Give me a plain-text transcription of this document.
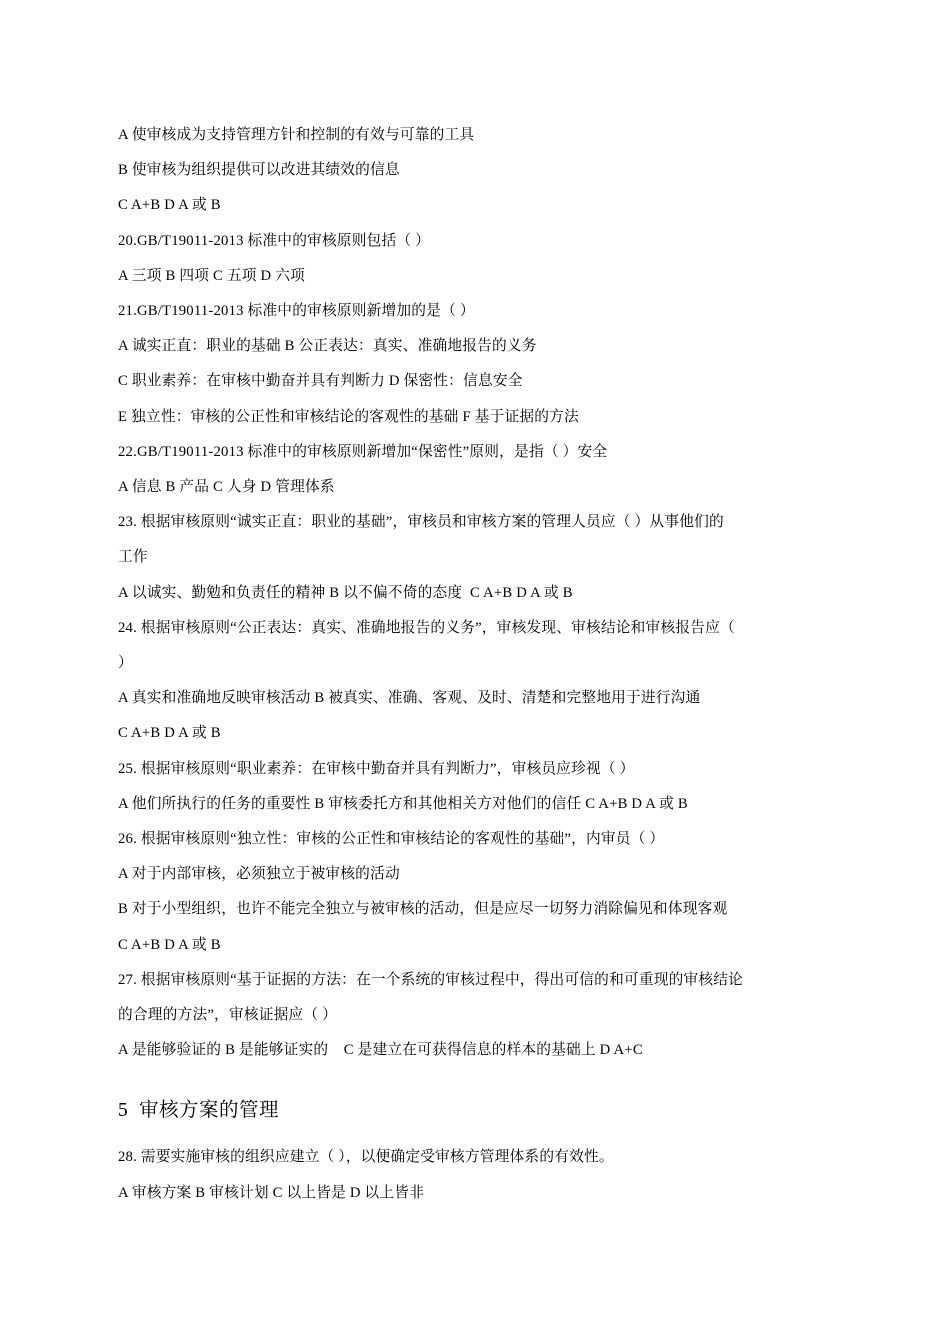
A 使审核成为支持管理方针和控制的有效与可靠的工具
B 使审核为组织提供可以改进其绩效的信息
C A+B D A 或 B
20.GB/T19011-2013 标准中的审核原则包括（ ）
A 三项 B 四项 C 五项 D 六项
21.GB/T19011-2013 标准中的审核原则新增加的是（ ）
A 诚实正直：职业的基础 B 公正表达：真实、准确地报告的义务
C 职业素养：在审核中勤奋并具有判断力 D 保密性：信息安全
E 独立性：审核的公正性和审核结论的客观性的基础 F 基于证据的方法
22.GB/T19011-2013 标准中的审核原则新增加“保密性”原则，是指（ ）安全
A 信息 B 产品 C 人身 D 管理体系
23. 根据审核原则“诚实正直：职业的基础”，审核员和审核方案的管理人员应（ ）从事他们的
工作
A 以诚实、勤勉和负责任的精神 B 以不偏不倚的态度  C A+B D A 或 B
24. 根据审核原则“公正表达：真实、准确地报告的义务”，审核发现、审核结论和审核报告应（
）
A 真实和准确地反映审核活动 B 被真实、准确、客观、及时、清楚和完整地用于进行沟通
C A+B D A 或 B
25. 根据审核原则“职业素养：在审核中勤奋并具有判断力”，审核员应珍视（ ）
A 他们所执行的任务的重要性 B 审核委托方和其他相关方对他们的信任 C A+B D A 或 B
26. 根据审核原则“独立性：审核的公正性和审核结论的客观性的基础”，内审员（ ）
A 对于内部审核，必须独立于被审核的活动
B 对于小型组织，也许不能完全独立与被审核的活动，但是应尽一切努力消除偏见和体现客观
C A+B D A 或 B
27. 根据审核原则“基于证据的方法：在一个系统的审核过程中，得出可信的和可重现的审核结论
的合理的方法”，审核证据应（ ）
A 是能够验证的 B 是能够证实的    C 是建立在可获得信息的样本的基础上 D A+C
5  审核方案的管理
28. 需要实施审核的组织应建立（ ），以便确定受审核方管理体系的有效性。
A 审核方案 B 审核计划 C 以上皆是 D 以上皆非
